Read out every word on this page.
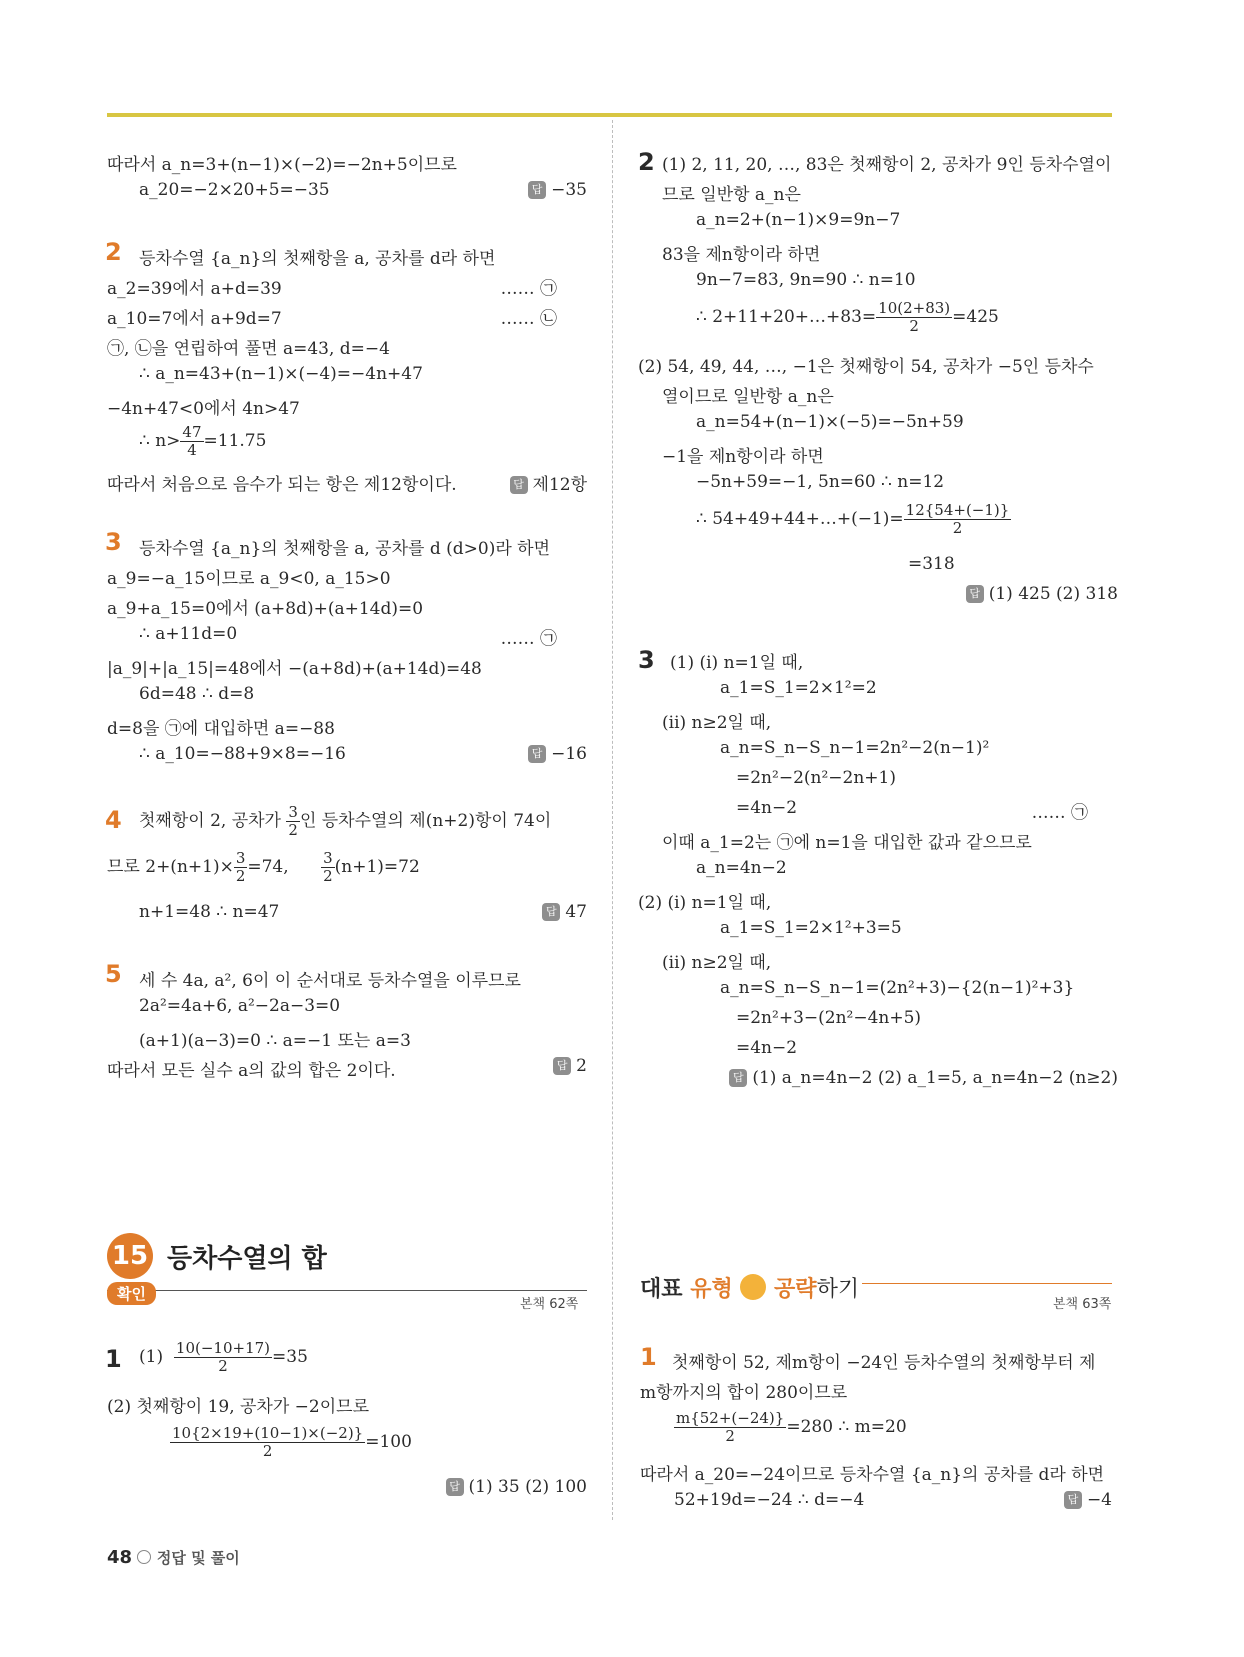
따라서 a_n=3+(n−1)×(−2)=−2n+5이므로
a_20=−2×20+5=−35	답 −35
2 등차수열 {a_n}의 첫째항을 a, 공차를 d라 하면
a_2=39에서 a+d=39	…… ㉠
a_10=7에서 a+9d=7	…… ㉡
㉠, ㉡을 연립하여 풀면 a=43, d=−4
∴ a_n=43+(n−1)×(−4)=−4n+47
−4n+47<0에서 4n>47
∴ $n> \frac{47}{4} =11.75$
따라서 처음으로 음수가 되는 항은 제12항이다.	답 제12항
3 등차수열 {a_n}의 첫째항을 a, 공차를 d (d>0)라 하면
a_9=−a_15이므로 a_9<0, a_15>0
a_9+a_15=0에서 (a+8d)+(a+14d)=0
∴ a+11d=0	…… ㉠
|a_9|+|a_15|=48에서 −(a+8d)+(a+14d)=48
6d=48 ∴ d=8
d=8을 ㉠에 대입하면 a=−88
∴ a_10=−88+9×8=−16	답 −16
4 첫째항이 2, 공차가 $\frac{3}{2}$ 인 등차수열의 제(n+2)항이 74이
므로 $2+(n+1)\times \frac{3}{2} =74$, $\frac{3}{2} (n+1)=72$
n+1=48 ∴ n=47	답 47
5 세 수 4a, a², 6이 이 순서대로 등차수열을 이루므로
2a²=4a+6, a²−2a−3=0
(a+1)(a−3)=0 ∴ a=−1 또는 a=3
따라서 모든 실수 a의 값의 합은 2이다.	답 2
15 등차수열의 합
확인
본책 62쪽
1 $(1) \frac{10(-10+17)}{2} =35$
(2) 첫째항이 19, 공차가 −2이므로
$\frac{10\{2\times 19+(10-1)\times(-2)\}}{2} =100$
답 (1) 35 (2) 100
2 (1) 2, 11, 20, …, 83은 첫째항이 2, 공차가 9인 등차수열이
므로 일반항 a_n은
a_n=2+(n−1)×9=9n−7
83을 제n항이라 하면
9n−7=83, 9n=90 ∴ n=10
∴ 2+11+20+…+83= $\frac{10(2+83)}{2} =425$
(2) 54, 49, 44, …, −1은 첫째항이 54, 공차가 −5인 등차수
열이므로 일반항 a_n은
a_n=54+(n−1)×(−5)=−5n+59
−1을 제n항이라 하면
−5n+59=−1, 5n=60 ∴ n=12
∴ 54+49+44+…+(−1)= $\frac{12\{54+(-1)\}}{2}$
=318
답 (1) 425 (2) 318
3 (1) (i) n=1일 때,
a_1=S_1=2×1²=2
(ii) n≥2일 때,
a_n=S_n−S_n−1=2n²−2(n−1)²
=2n²−2(n²−2n+1)
=4n−2	…… ㉠
이때 a_1=2는 ㉠에 n=1을 대입한 값과 같으므로
a_n=4n−2
(2) (i) n=1일 때,
a_1=S_1=2×1²+3=5
(ii) n≥2일 때,
a_n=S_n−S_n−1=(2n²+3)−{2(n−1)²+3}
=2n²+3−(2n²−4n+5)
=4n−2
답 (1) a_n=4n−2 (2) a_1=5, a_n=4n−2 (n≥2)
대표 유형 공략하기
본책 63쪽
1 첫째항이 52, 제m항이 −24인 등차수열의 첫째항부터 제
m항까지의 합이 280이므로
$\frac{m\{52+(-24)\}}{2} =280$ ∴ m=20
따라서 a_20=−24이므로 등차수열 {a_n}의 공차를 d라 하면
52+19d=−24 ∴ d=−4	답 −4
48 정답 및 풀이
